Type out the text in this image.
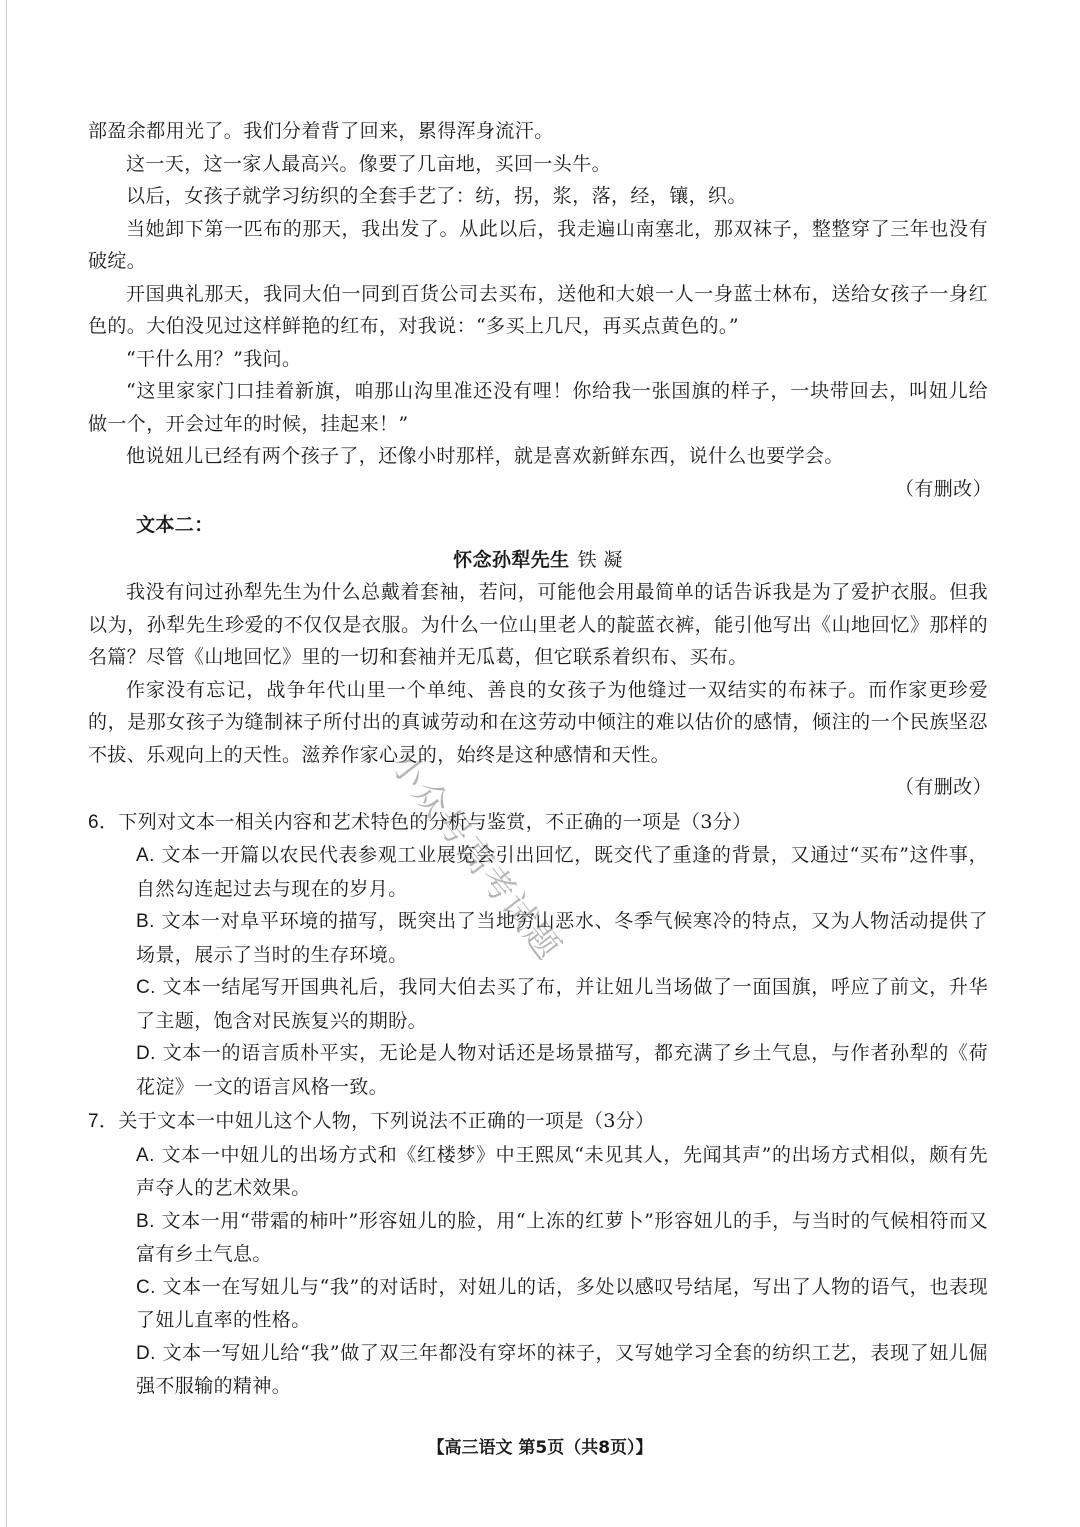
部盈余都用光了。我们分着背了回来，累得浑身流汗。

这一天，这一家人最高兴。像要了几亩地，买回一头牛。

以后，女孩子就学习纺织的全套手艺了：纺，拐，浆，落，经，镶，织。

当她卸下第一匹布的那天，我出发了。从此以后，我走遍山南塞北，那双袜子，整整穿了三年也没有破绽。

开国典礼那天，我同大伯一同到百货公司去买布，送他和大娘一人一身蓝士林布，送给女孩子一身红色的。大伯没见过这样鲜艳的红布，对我说：“多买上几尺，再买点黄色的。”

“干什么用？”我问。

“这里家家门口挂着新旗，咱那山沟里准还没有哩！你给我一张国旗的样子，一块带回去，叫妞儿给做一个，开会过年的时候，挂起来！”

他说妞儿已经有两个孩子了，还像小时那样，就是喜欢新鲜东西，说什么也要学会。

（有删改）

文本二：

怀念孙犁先生 铁 凝

我没有问过孙犁先生为什么总戴着套袖，若问，可能他会用最简单的话告诉我是为了爱护衣服。但我以为，孙犁先生珍爱的不仅仅是衣服。为什么一位山里老人的靛蓝衣裤，能引他写出《山地回忆》那样的名篇？尽管《山地回忆》里的一切和套袖并无瓜葛，但它联系着织布、买布。

作家没有忘记，战争年代山里一个单纯、善良的女孩子为他缝过一双结实的布袜子。而作家更珍爱的，是那女孩子为缝制袜子所付出的真诚劳动和在这劳动中倾注的难以估价的感情，倾注的一个民族坚忍不拔、乐观向上的天性。滋养作家心灵的，始终是这种感情和天性。

（有删改）

6．下列对文本一相关内容和艺术特色的分析与鉴赏，不正确的一项是（3分）

A. 文本一开篇以农民代表参观工业展览会引出回忆，既交代了重逢的背景，又通过“买布”这件事，自然勾连起过去与现在的岁月。

B. 文本一对阜平环境的描写，既突出了当地穷山恶水、冬季气候寒冷的特点，又为人物活动提供了场景，展示了当时的生存环境。

C. 文本一结尾写开国典礼后，我同大伯去买了布，并让妞儿当场做了一面国旗，呼应了前文，升华了主题，饱含对民族复兴的期盼。

D. 文本一的语言质朴平实，无论是人物对话还是场景描写，都充满了乡土气息，与作者孙犁的《荷花淀》一文的语言风格一致。

7．关于文本一中妞儿这个人物，下列说法不正确的一项是（3分）

A. 文本一中妞儿的出场方式和《红楼梦》中王熙凤“未见其人，先闻其声”的出场方式相似，颇有先声夺人的艺术效果。

B. 文本一用“带霜的柿叶”形容妞儿的脸，用“上冻的红萝卜”形容妞儿的手，与当时的气候相符而又富有乡土气息。

C. 文本一在写妞儿与“我”的对话时，对妞儿的话，多处以感叹号结尾，写出了人物的语气，也表现了妞儿直率的性格。

D. 文本一写妞儿给“我”做了双三年都没有穿坏的袜子，又写她学习全套的纺织工艺，表现了妞儿倔强不服输的精神。

小众号高考试题
【高三语文 第5页（共8页）】
